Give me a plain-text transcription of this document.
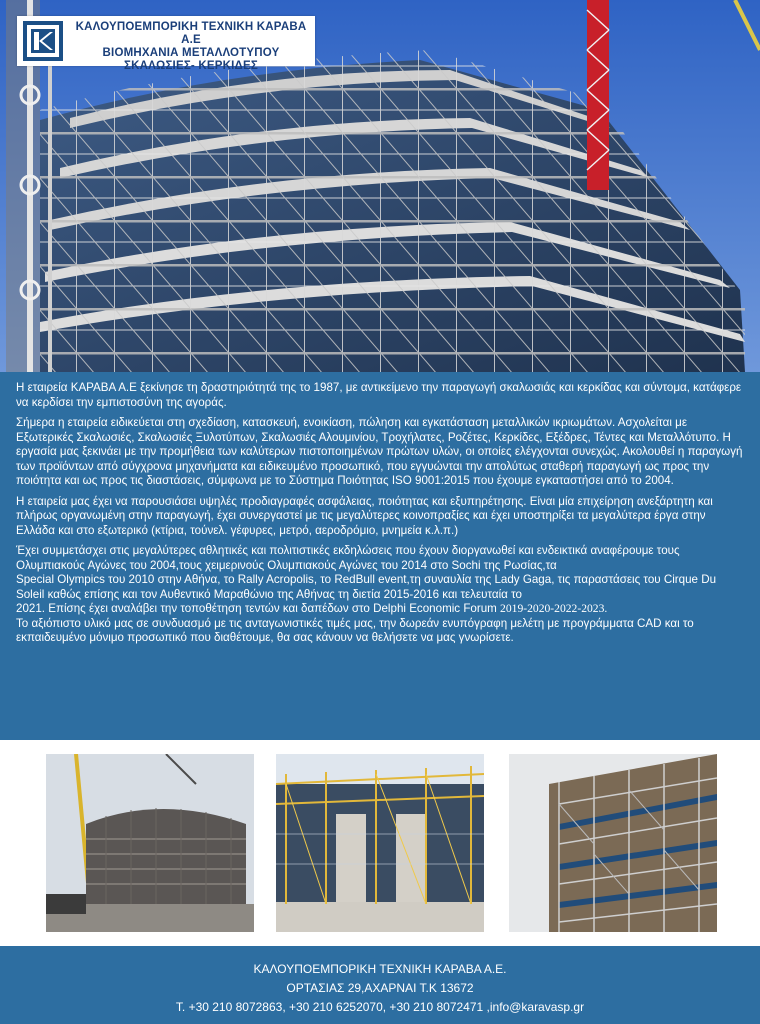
ΚΑΛΟΥΠΟΕΜΠΟΡΙΚΗ ΤΕΧΝΙΚΗ ΚΑΡΑΒΑ Α.Ε
ΒΙΟΜΗΧΑΝΙΑ ΜΕΤΑΛΛΟΤΥΠΟΥ
ΣΚΑΛΩΣΙΕΣ- ΚΕΡΚΙΔΕΣ

Η εταιρεία ΚΑΡΑΒΑ Α.Ε ξεκίνησε τη δραστηριότητά της το 1987, με αντικείμενο την παραγωγή σκαλωσιάς και κερκίδας και σύντομα, κατάφερε να κερδίσει την εμπιστοσύνη της αγοράς.

Σήμερα η εταιρεία ειδικεύεται στη σχεδίαση, κατασκευή, ενοικίαση, πώληση και εγκατάσταση μεταλλικών ικριωμάτων. Ασχολείται με Εξωτερικές Σκαλωσιές, Σκαλωσιές Ξυλοτύπων, Σκαλωσιές Αλουμινίου, Τροχήλατες, Ροζέτες, Κερκίδες, Εξέδρες, Τέντες και Μεταλλότυπο. Η εργασία μας ξεκινάει με την προμήθεια των καλύτερων πιστοποιημένων πρώτων υλών, οι οποίες ελέγχονται συνεχώς. Ακολουθεί η παραγωγή των προϊόντων από σύγχρονα μηχανήματα και ειδικευμένο προσωπικό, που εγγυώνται την απολύτως σταθερή παραγωγή ως προς την ποιότητα και ως προς τις διαστάσεις, σύμφωνα με το Σύστημα Ποιότητας ISO 9001:2015 που έχουμε εγκαταστήσει από το 2004.

Η εταιρεία μας έχει να παρουσιάσει υψηλές προδιαγραφές ασφάλειας, ποιότητας και εξυπηρέτησης. Είναι μία επιχείρηση ανεξάρτητη και πλήρως οργανωμένη στην παραγωγή, έχει συνεργαστεί με τις μεγαλύτερες κοινοπραξίες και έχει υποστηρίξει τα μεγαλύτερα έργα στην Ελλάδα και στο εξωτερικό (κτίρια, τούνελ. γέφυρες, μετρό, αεροδρόμιο, μνημεία κ.λ.π.)

Έχει συμμετάσχει στις μεγαλύτερες αθλητικές και πολιτιστικές εκδηλώσεις που έχουν διοργανωθεί και ενδεικτικά αναφέρουμε τους Ολυμπιακούς Αγώνες του 2004,τους χειμερινούς Ολυμπιακούς Αγώνες του 2014 στο Sochi της Ρωσίας,τα
Special Olympics του 2010 στην Αθήνα, το Rally Acropolis, το RedBull event,τη συναυλία της Lady Gaga, τις παραστάσεις του Cirque Du Soleil καθώς επίσης και τον Αυθεντικό Μαραθώνιο της Αθήνας τη διετία 2015-2016 και τελευταία το
2021. Επίσης έχει αναλάβει την τοποθέτηση τεντών και δαπέδων στο Delphi Economic Forum 2019-2020-2022-2023.
Το αξιόπιστο υλικό μας σε συνδυασμό με τις ανταγωνιστικές τιμές μας, την δωρεάν ενυπόγραφη μελέτη με προγράμματα CAD και το εκπαιδευμένο μόνιμο προσωπικό που διαθέτουμε, θα σας κάνουν να θελήσετε να μας γνωρίσετε.

ΚΑΛΟΥΠΟΕΜΠΟΡΙΚΗ ΤΕΧΝΙΚΗ ΚΑΡΑΒΑ Α.Ε.
ΟΡΤΑΣΙΑΣ 29,ΑΧΑΡΝΑΙ Τ.Κ 13672
Τ. +30 210 8072863, +30 210 6252070, +30 210 8072471 ,info@karavasp.gr
